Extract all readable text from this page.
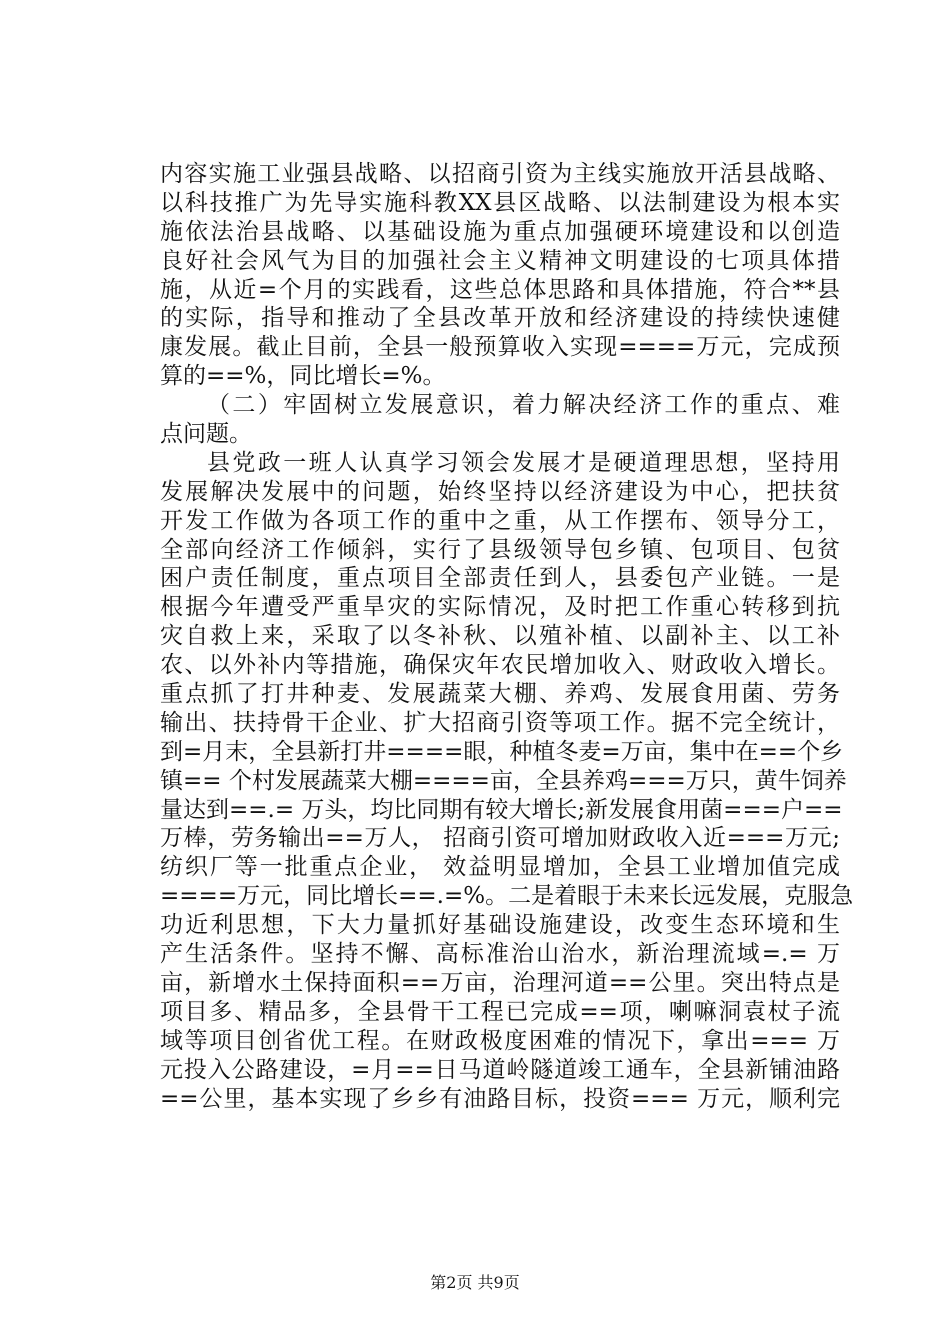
内容实施工业强县战略、以招商引资为主线实施放开活县战略、
以科技推广为先导实施科教XX县区战略、以法制建设为根本实
施依法治县战略、以基础设施为重点加强硬环境建设和以创造
良好社会风气为目的加强社会主义精神文明建设的七项具体措
施，从近=个月的实践看，这些总体思路和具体措施，符合**县
的实际，指导和推动了全县改革开放和经济建设的持续快速健
康发展。截止目前，全县一般预算收入实现====万元，完成预
算的==%，同比增长=%。
（二）牢固树立发展意识，着力解决经济工作的重点、难
点问题。
县党政一班人认真学习领会发展才是硬道理思想，坚持用
发展解决发展中的问题，始终坚持以经济建设为中心，把扶贫
开发工作做为各项工作的重中之重，从工作摆布、领导分工，
全部向经济工作倾斜，实行了县级领导包乡镇、包项目、包贫
困户责任制度，重点项目全部责任到人，县委包产业链。一是
根据今年遭受严重旱灾的实际情况，及时把工作重心转移到抗
灾自救上来，采取了以冬补秋、以殖补植、以副补主、以工补
农、以外补内等措施，确保灾年农民增加收入、财政收入增长。
重点抓了打井种麦、发展蔬菜大棚、养鸡、发展食用菌、劳务
输出、扶持骨干企业、扩大招商引资等项工作。据不完全统计，
到=月末，全县新打井====眼，种植冬麦=万亩，集中在==个乡
镇== 个村发展蔬菜大棚====亩，全县养鸡===万只，黄牛饲养
量达到==.= 万头，均比同期有较大增长;新发展食用菌===户==
万棒，劳务输出==万人， 招商引资可增加财政收入近===万元;
纺织厂等一批重点企业， 效益明显增加，全县工业增加值完成
====万元，同比增长==.=%。二是着眼于未来长远发展，克服急
功近利思想，下大力量抓好基础设施建设，改变生态环境和生
产生活条件。坚持不懈、高标准治山治水，新治理流域=.= 万
亩，新增水土保持面积==万亩，治理河道==公里。突出特点是
项目多、精品多，全县骨干工程已完成==项，喇嘛洞袁杖子流
域等项目创省优工程。在财政极度困难的情况下，拿出=== 万
元投入公路建设，=月==日马道岭隧道竣工通车，全县新铺油路
==公里，基本实现了乡乡有油路目标，投资=== 万元，顺利完
第2页 共9页
